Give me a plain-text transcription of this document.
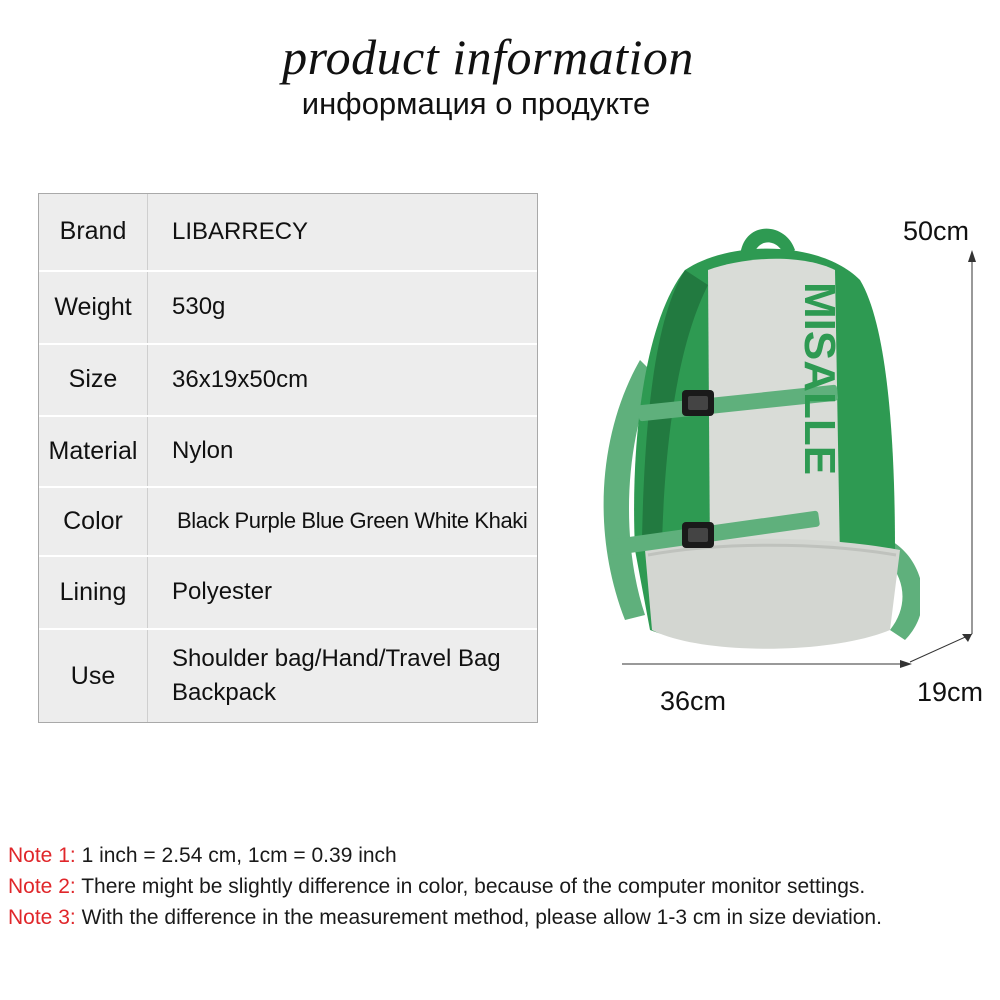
product information
информация о продукте
Brand	LIBARRECY
Weight	530g
Size	36x19x50cm
Material	Nylon
Color	Black Purple Blue Green White Khaki
Lining	Polyester
Use	Shoulder bag/Hand/Travel Bag
Backpack
MISALLE
50cm
36cm	19cm
Note 1: 1 inch = 2.54 cm, 1cm = 0.39 inch
Note 2: There might be slightly difference in color, because of the computer monitor settings.
Note 3: With the difference in the measurement method, please allow 1-3 cm in size deviation.
